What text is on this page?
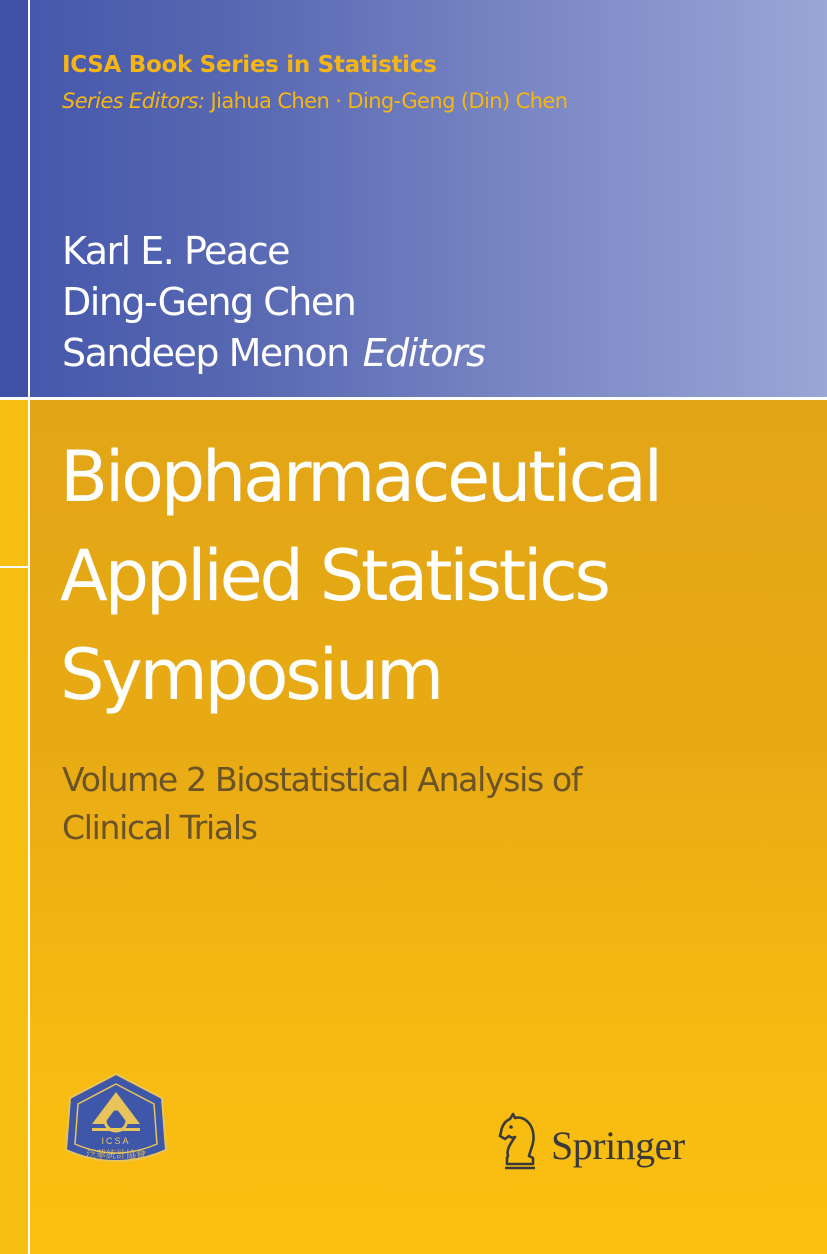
ICSA Book Series in Statistics
Series Editors: Jiahua Chen · Ding-Geng (Din) Chen
Karl E. Peace
Ding-Geng Chen
Sandeep Menon Editors
Biopharmaceutical
Applied Statistics
Symposium
Volume 2 Biostatistical Analysis of
Clinical Trials
ICSA
泛華統計協會	Springer
